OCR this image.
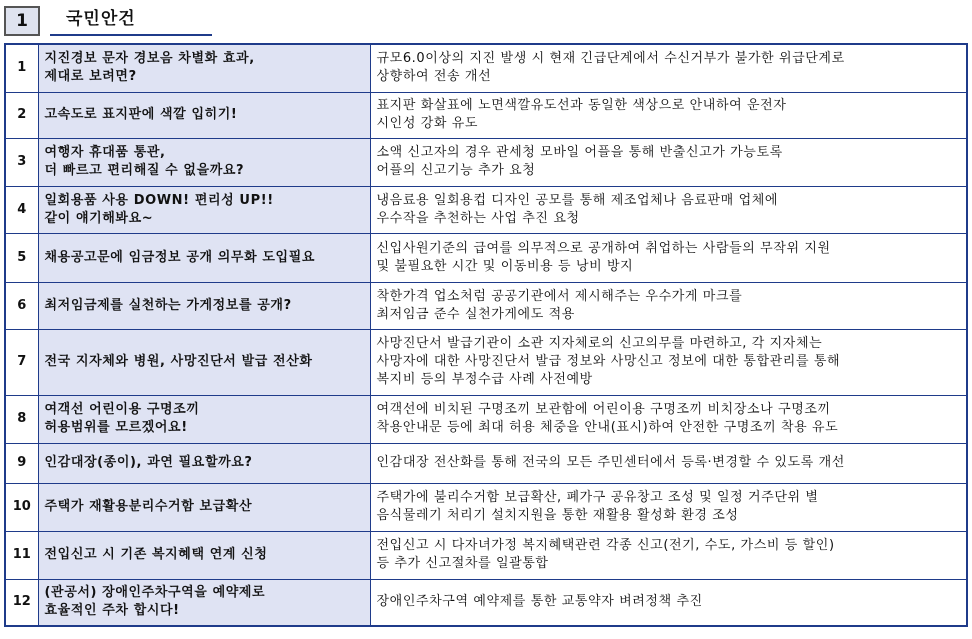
1	국민안건
1	지진경보 문자 경보음 차별화 효과,
제대로 보려면?	규모6.0이상의 지진 발생 시 현재 긴급단계에서 수신거부가 불가한 위급단계로
상향하여 전송 개선
2	고속도로 표지판에 색깔 입히기!	표지판 화살표에 노면색깔유도선과 동일한 색상으로 안내하여 운전자
시인성 강화 유도
3	여행자 휴대품 통관,
더 빠르고 편리해질 수 없을까요?	소액 신고자의 경우 관세청 모바일 어플을 통해 반출신고가 가능토록
어플의 신고기능 추가 요청
4	일회용품 사용 DOWN! 편리성 UP!!
같이 얘기해봐요~	냉음료용 일회용컵 디자인 공모를 통해 제조업체나 음료판매 업체에
우수작을 추천하는 사업 추진 요청
5	채용공고문에 임금정보 공개 의무화 도입필요	신입사원기준의 급여를 의무적으로 공개하여 취업하는 사람들의 무작위 지원
및 불필요한 시간 및 이동비용 등 낭비 방지
6	최저임금제를 실천하는 가게정보를 공개?	착한가격 업소처럼 공공기관에서 제시해주는 우수가게 마크를
최저임금 준수 실천가게에도 적용
7	전국 지자체와 병원, 사망진단서 발급 전산화	사망진단서 발급기관이 소관 지자체로의 신고의무를 마련하고, 각 지자체는
사망자에 대한 사망진단서 발급 정보와 사망신고 정보에 대한 통합관리를 통해
복지비 등의 부정수급 사례 사전예방
8	여객선 어린이용 구명조끼
허용범위를 모르겠어요!	여객선에 비치된 구명조끼 보관함에 어린이용 구명조끼 비치장소나 구명조끼
착용안내문 등에 최대 허용 체중을 안내(표시)하여 안전한 구명조끼 착용 유도
9	인감대장(종이), 과연 필요할까요?	인감대장 전산화를 통해 전국의 모든 주민센터에서 등록·변경할 수 있도록 개선
10	주택가 재활용분리수거함 보급확산	주택가에 불리수거함 보급확산, 폐가구 공유창고 조성 및 일정 거주단위 별
음식물레기 처리기 설치지원을 통한 재활용 활성화 환경 조성
11	전입신고 시 기존 복지혜택 연계 신청	전입신고 시 다자녀가정 복지혜택관련 각종 신고(전기, 수도, 가스비 등 할인)
등 추가 신고절차를 일괄통합
12	(관공서) 장애인주차구역을 예약제로
효율적인 주차 합시다!	장애인주차구역 예약제를 통한 교통약자 벼려정책 추진
